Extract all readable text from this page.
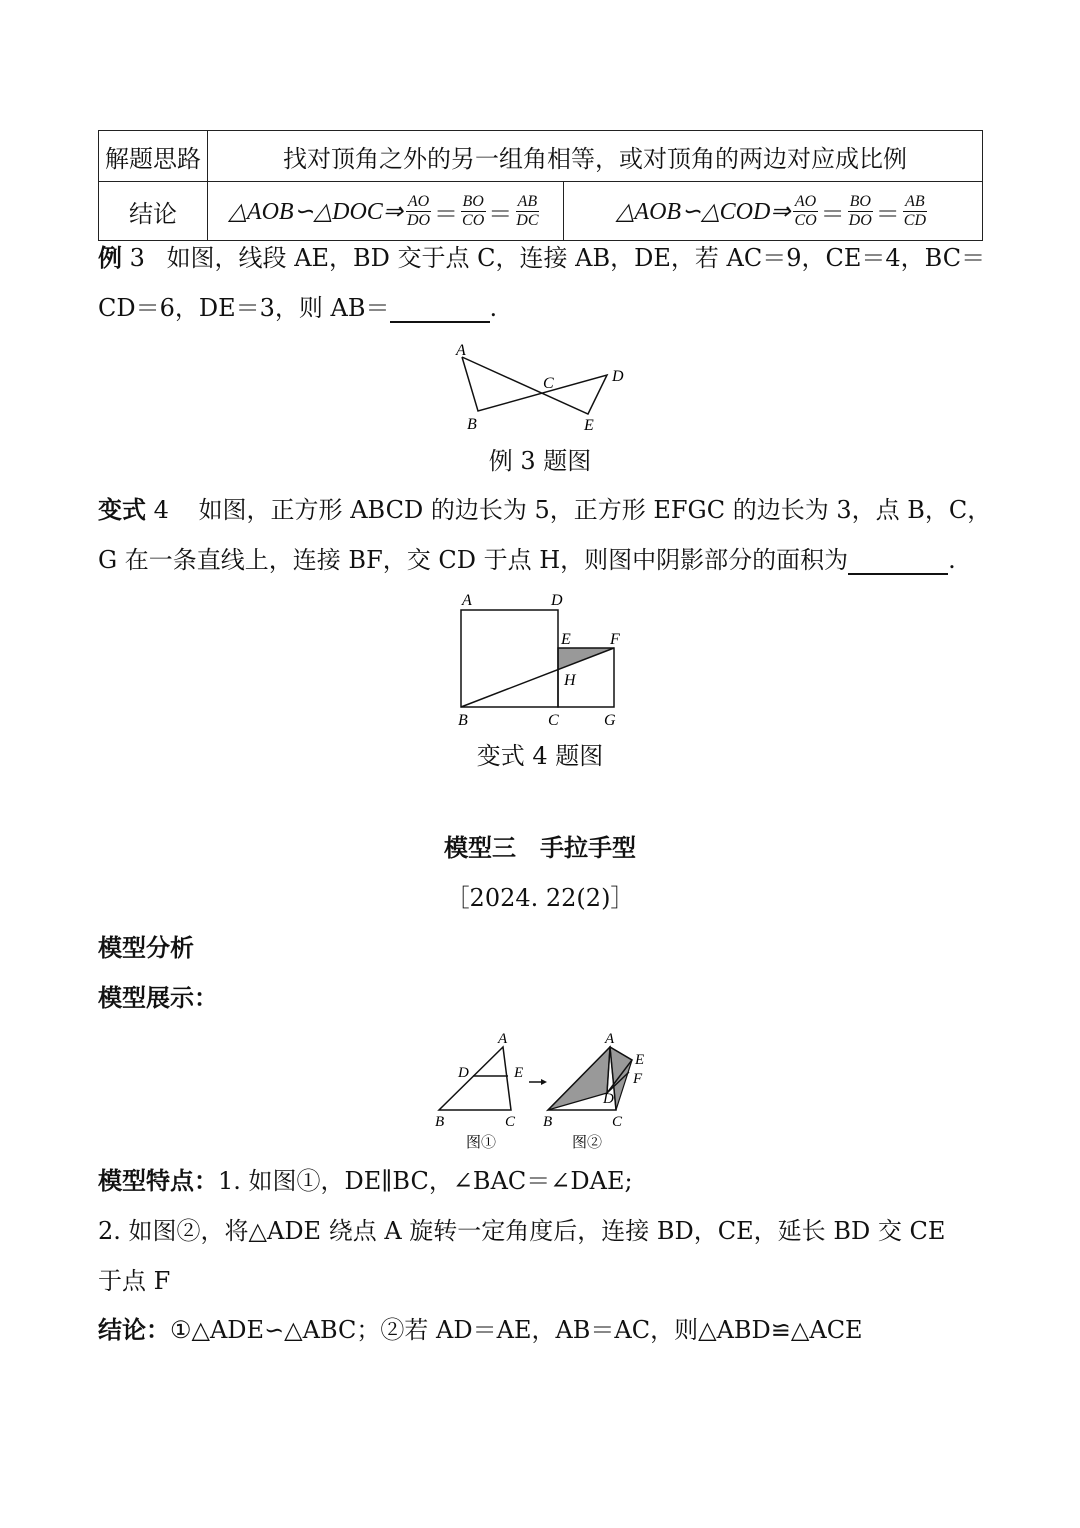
解题思路	找对顶角之外的另一组角相等，或对顶角的两边对应成比例
结论	△AOB∽△DOC⇒ $\frac{AO}{DO} = \frac{BO}{CO} = \frac{AB}{DC}$	△AOB∽△COD⇒ $\frac{AO}{CO} = \frac{BO}{DO} = \frac{AB}{CD}$
例 3 如图，线段 AE，BD 交于点 C，连接 AB，DE，若 AC＝9，CE＝4，BC＝
CD＝6，DE＝3，则 AB＝	.
A
B
C	D
E
例 3 题图
变式 4 如图，正方形 ABCD 的边长为 5，正方形 EFGC 的边长为 3，点 B，C，
G 在一条直线上，连接 BF，交 CD 于点 H，则图中阴影部分的面积为	.
A	D
E F
H
B	C	G
变式 4 题图
模型三　手拉手型
［2024. 22(2)］
模型分析
模型展示：
A
D	E
B	C
图①
A
E
F
D
B	C
图②
模型特点：1. 如图①，DE∥BC，∠BAC＝∠DAE;
2. 如图②，将△ADE 绕点 A 旋转一定角度后，连接 BD，CE，延长 BD 交 CE
于点 F
结论：①△ADE∽△ABC；②若 AD＝AE，AB＝AC，则△ABD≌△ACE
